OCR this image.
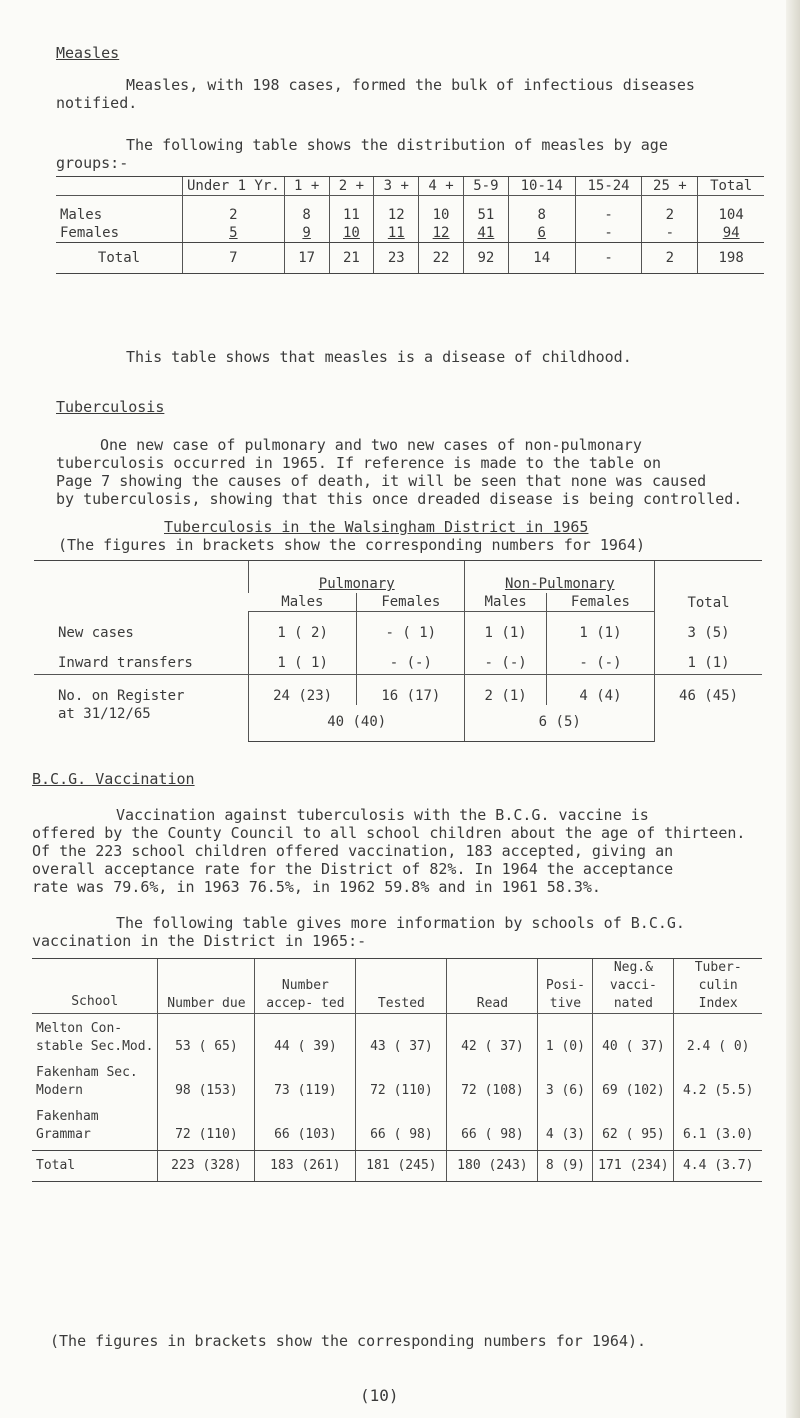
Measles
Measles, with 198 cases, formed the bulk of infectious diseases
notified.
The following table shows the distribution of measles by age
groups:-
	Under 1 Yr.	1 +	2 +	3 +	4 +	5-9	10-14	15-24	25 +	Total
Males	2	8	11	12	10	51	8	-	2	104
Females	5	9	10	11	12	41	6	-	-	94
Total	7	17	21	23	22	92	14	-	2	198
This table shows that measles is a disease of childhood.
Tuberculosis
One new case of pulmonary and two new cases of non-pulmonary
tuberculosis occurred in 1965. If reference is made to the table on
Page 7 showing the causes of death, it will be seen that none was caused
by tuberculosis, showing that this once dreaded disease is being controlled.
Tuberculosis in the Walsingham District in 1965
(The figures in brackets show the corresponding numbers for 1964)
	Pulmonary		Non-Pulmonary		Total
	Males	Females	Males	Females	
New cases	1 ( 2)	- ( 1)	1 (1)	1 (1)	3 (5)
Inward transfers	1 ( 1)	- (-)	- (-)	- (-)	1 (1)

No. on Register
at 31/12/65	24 (23)	16 (17)	2 (1)	4 (4)	46 (45)
	40 (40)		6 (5)		
B.C.G. Vaccination
Vaccination against tuberculosis with the B.C.G. vaccine is
offered by the County Council to all school children about the age of thirteen.
Of the 223 school children offered vaccination, 183 accepted, giving an
overall acceptance rate for the District of 82%. In 1964 the acceptance
rate was 79.6%, in 1963 76.5%, in 1962 59.8% and in 1961 58.3%.
The following table gives more information by schools of B.C.G.
vaccination in the District in 1965:-
School	Number due	Number accep- ted	Tested	Read	Posi- tive	Neg.& vacci- nated	Tuber- culin Index

Melton Con-
stable Sec.Mod.	53 ( 65)	44 ( 39)	43 ( 37)	42 ( 37)	1 (0)	40 ( 37)	2.4 ( 0)

Fakenham Sec.
Modern	98 (153)	73 (119)	72 (110)	72 (108)	3 (6)	69 (102)	4.2 (5.5)

Fakenham
Grammar	72 (110)	66 (103)	66 ( 98)	66 ( 98)	4 (3)	62 ( 95)	6.1 (3.0)
Total	223 (328)	183 (261)	181 (245)	180 (243)	8 (9)	171 (234)	4.4 (3.7)
(The figures in brackets show the corresponding numbers for 1964).
(10)
